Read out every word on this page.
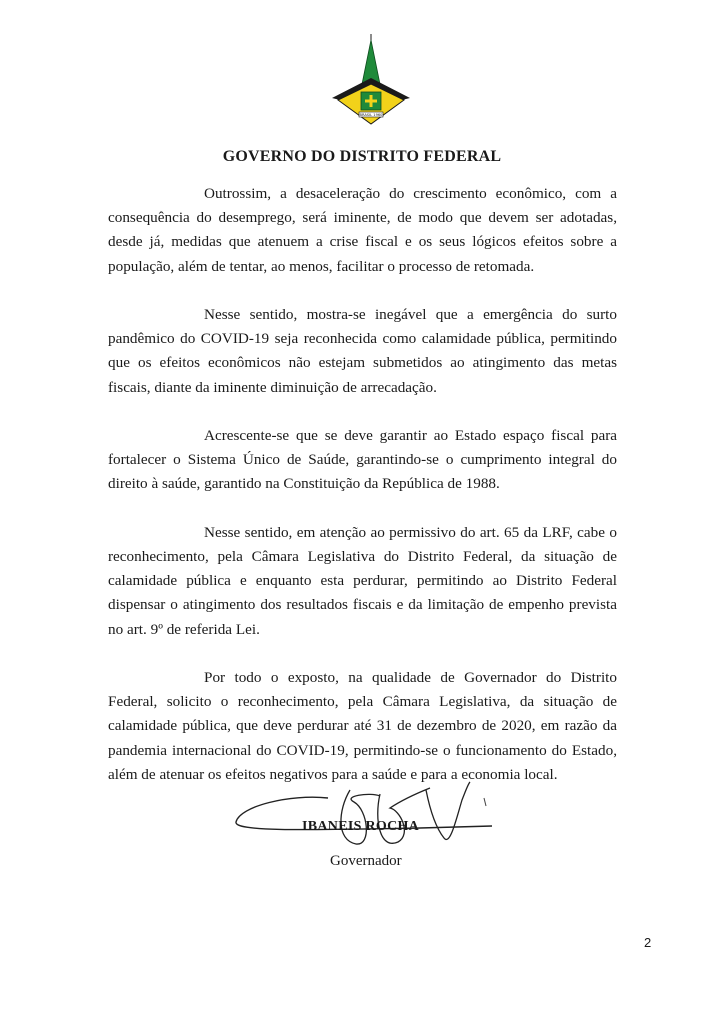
BRASIL 1960
GOVERNO DO DISTRITO FEDERAL

Outrossim, a desaceleração do crescimento econômico, com a consequência do desemprego, será iminente, de modo que devem ser adotadas, desde já, medidas que atenuem a crise fiscal e os seus lógicos efeitos sobre a população, além de tentar, ao menos, facilitar o processo de retomada.

Nesse sentido, mostra-se inegável que a emergência do surto pandêmico do COVID-19 seja reconhecida como calamidade pública, permitindo que os efeitos econômicos não estejam submetidos ao atingimento das metas fiscais, diante da iminente diminuição de arrecadação.

Acrescente-se que se deve garantir ao Estado espaço fiscal para fortalecer o Sistema Único de Saúde, garantindo-se o cumprimento integral do direito à saúde, garantido na Constituição da República de 1988.

Nesse sentido, em atenção ao permissivo do art. 65 da LRF, cabe o reconhecimento, pela Câmara Legislativa do Distrito Federal, da situação de calamidade pública e enquanto esta perdurar, permitindo ao Distrito Federal dispensar o atingimento dos resultados fiscais e da limitação de empenho prevista no art. 9º de referida Lei.

Por todo o exposto, na qualidade de Governador do Distrito Federal, solicito o reconhecimento, pela Câmara Legislativa, da situação de calamidade pública, que deve perdurar até 31 de dezembro de 2020, em razão da pandemia internacional do COVID-19, permitindo-se o funcionamento do Estado, além de atenuar os efeitos negativos para a saúde e para a economia local.

IBANEIS ROCHA
Governador
2
